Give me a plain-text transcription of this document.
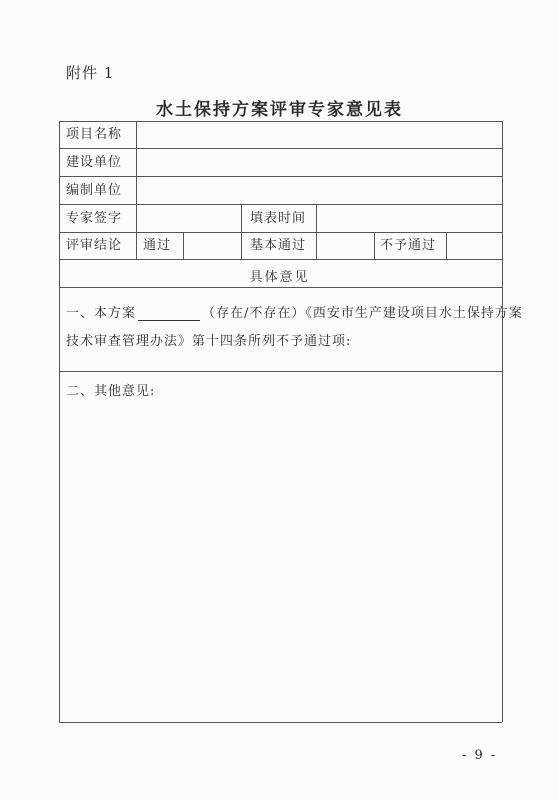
附件 1
水土保持方案评审专家意见表
项目名称
建设单位
编制单位
专家签字	填表时间
评审结论 通过	基本通过	不予通过
具体意见
一、本方案	（存在/不存在）《西安市生产建设项目水土保持方案
技术审查管理办法》第十四条所列不予通过项:
二、其他意见:
- 9 -
